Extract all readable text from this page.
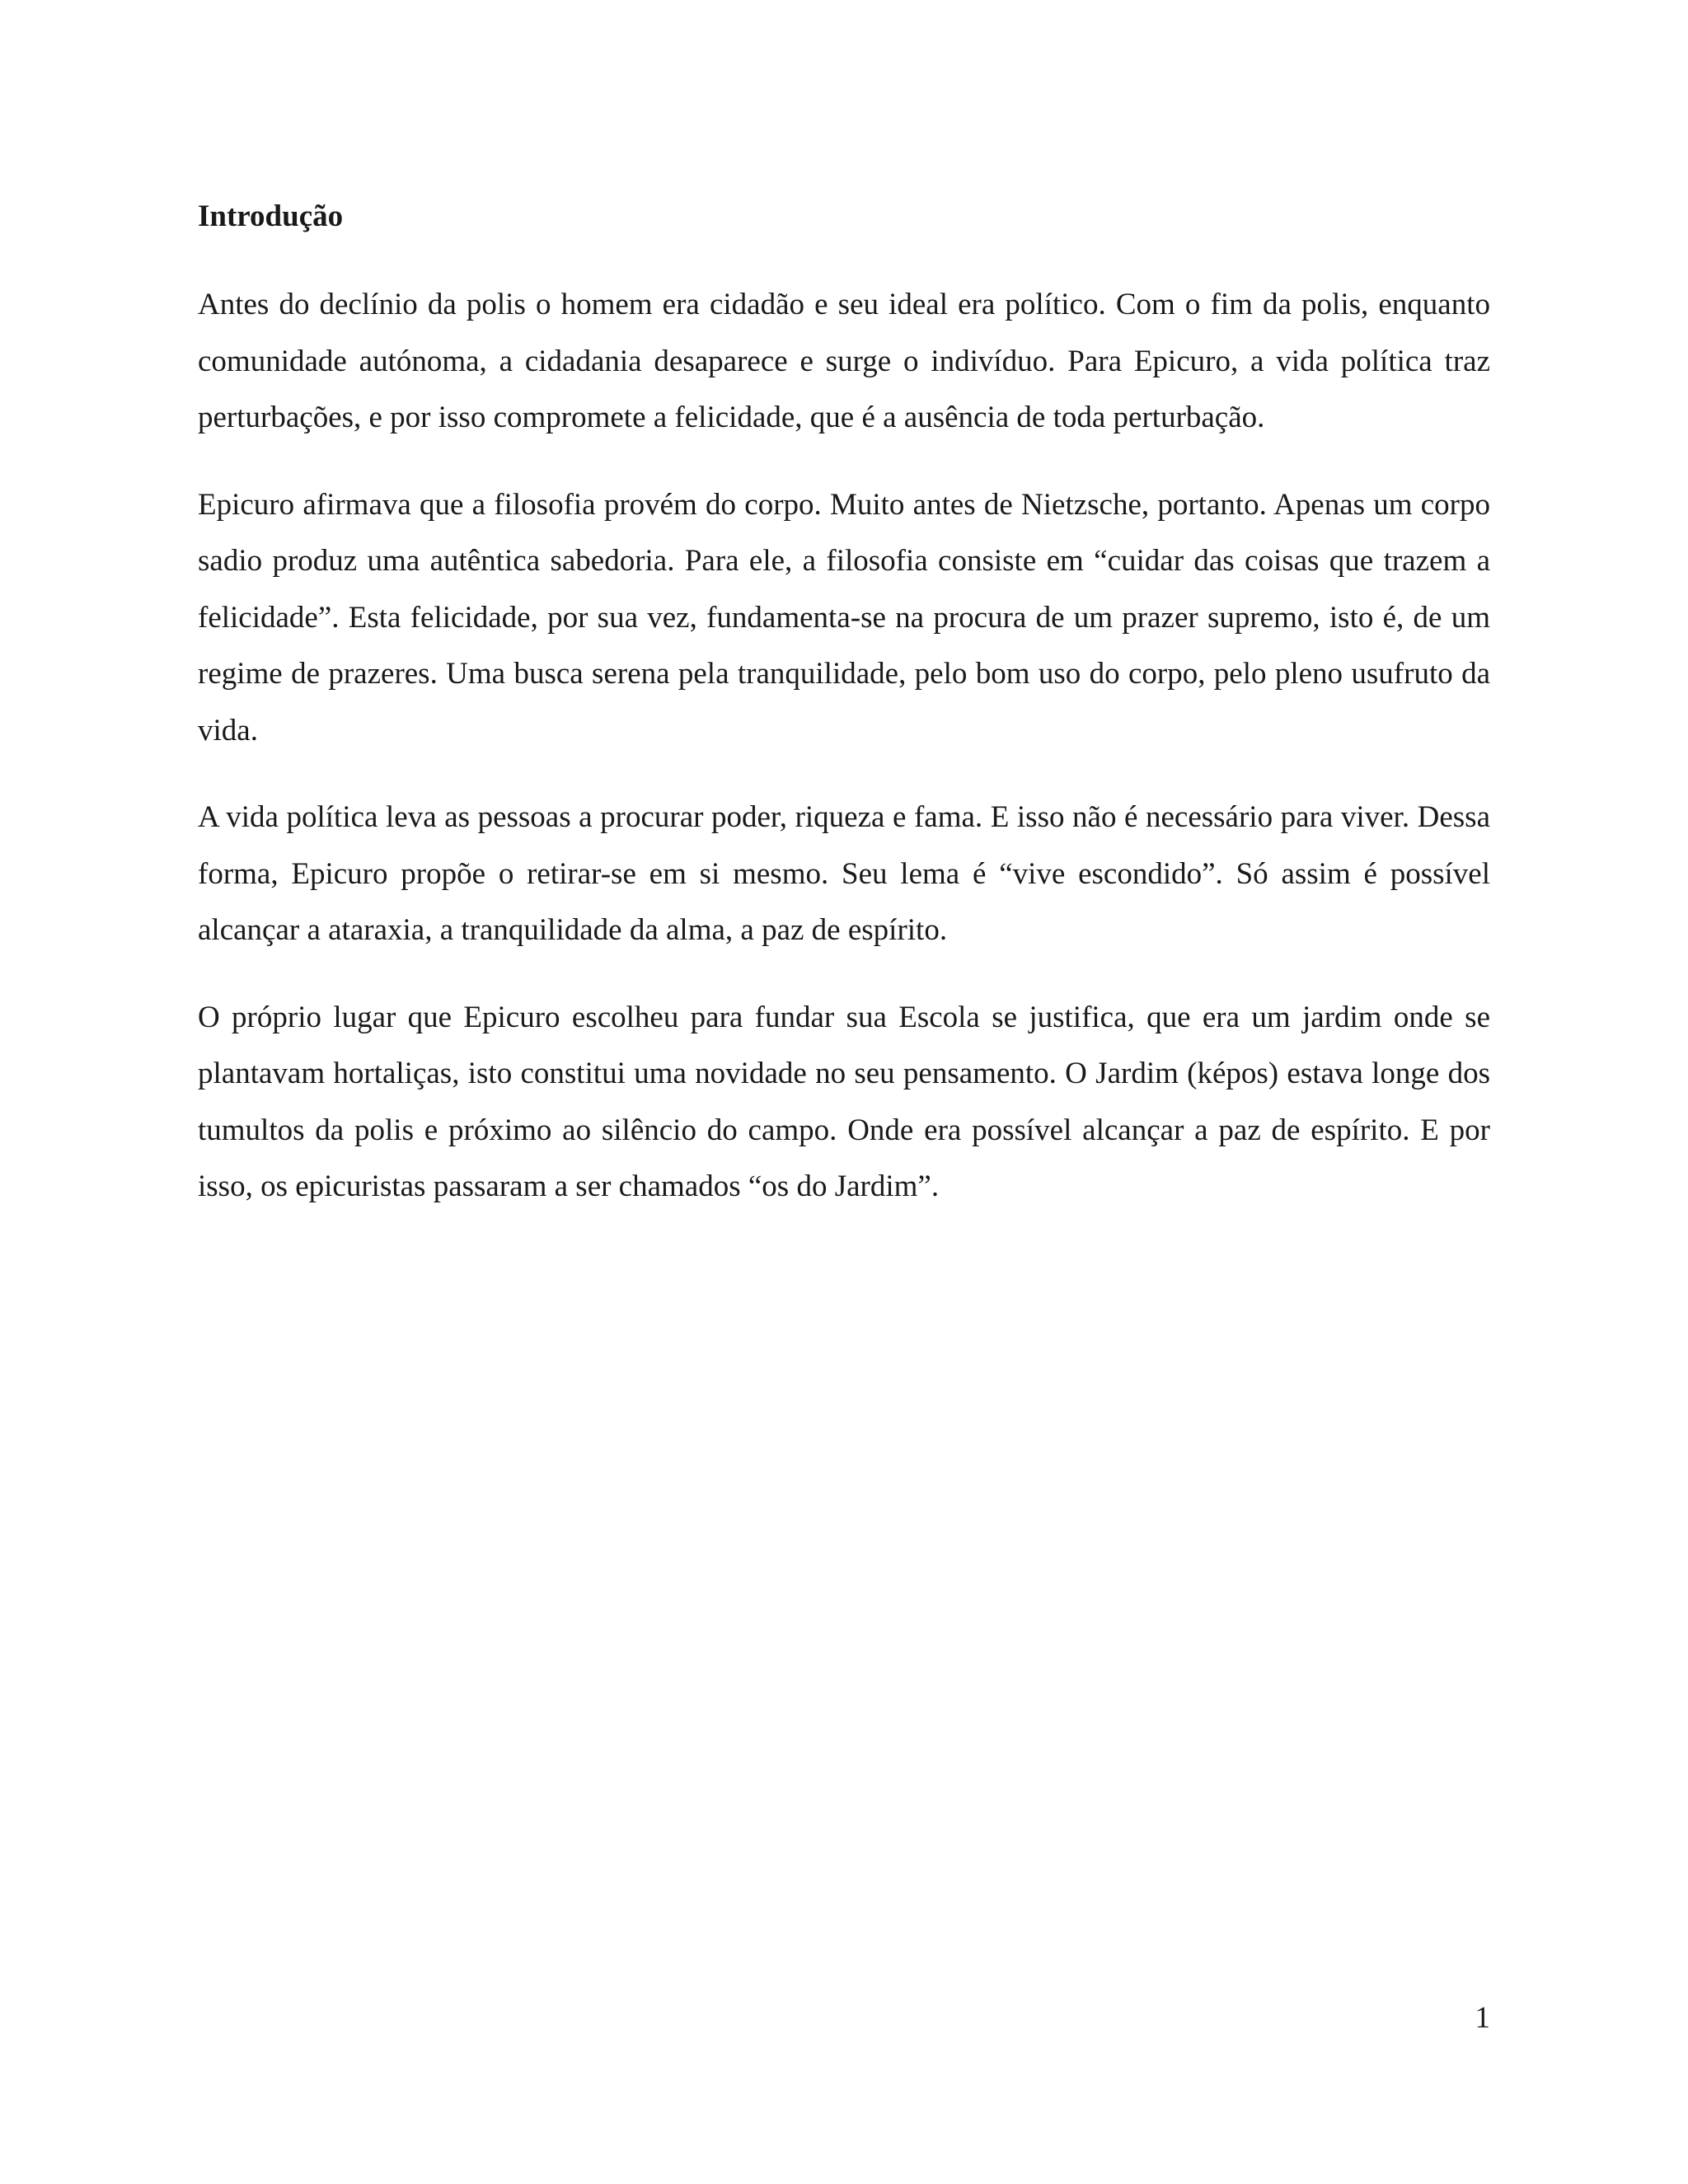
Introdução

Antes do declínio da polis o homem era cidadão e seu ideal era político. Com o fim da polis, enquanto comunidade autónoma, a cidadania desaparece e surge o indivíduo. Para Epicuro, a vida política traz perturbações, e por isso compromete a felicidade, que é a ausência de toda perturbação.

Epicuro afirmava que a filosofia provém do corpo. Muito antes de Nietzsche, portanto. Apenas um corpo sadio produz uma autêntica sabedoria. Para ele, a filosofia consiste em “cuidar das coisas que trazem a felicidade”. Esta felicidade, por sua vez, fundamenta-se na procura de um prazer supremo, isto é, de um regime de prazeres. Uma busca serena pela tranquilidade, pelo bom uso do corpo, pelo pleno usufruto da vida.

A vida política leva as pessoas a procurar poder, riqueza e fama. E isso não é necessário para viver. Dessa forma, Epicuro propõe o retirar-se em si mesmo. Seu lema é “vive escondido”. Só assim é possível alcançar a ataraxia, a tranquilidade da alma, a paz de espírito.

O próprio lugar que Epicuro escolheu para fundar sua Escola se justifica, que era um jardim onde se plantavam hortaliças, isto constitui uma novidade no seu pensamento. O Jardim (képos) estava longe dos tumultos da polis e próximo ao silêncio do campo. Onde era possível alcançar a paz de espírito. E por isso, os epicuristas passaram a ser chamados “os do Jardim”.

1
